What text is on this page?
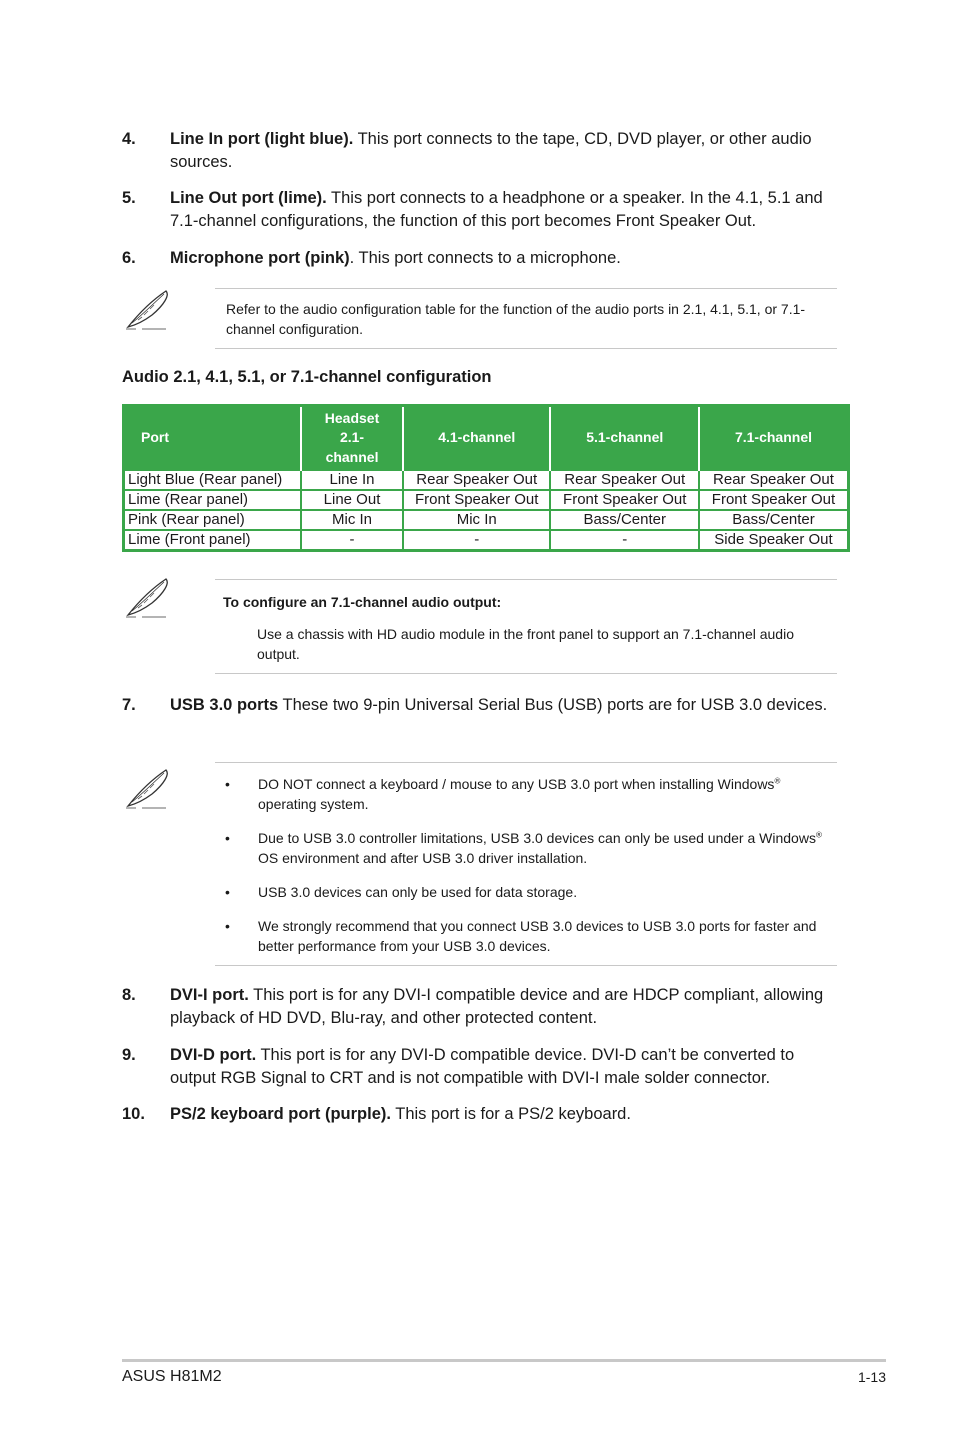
4. Line In port (light blue). This port connects to the tape, CD, DVD player, or other audio sources.
5. Line Out port (lime). This port connects to a headphone or a speaker. In the 4.1, 5.1 and 7.1-channel configurations, the function of this port becomes Front Speaker Out.
6. Microphone port (pink). This port connects to a microphone.
Refer to the audio configuration table for the function of the audio ports in 2.1, 4.1, 5.1, or 7.1-channel configuration.
Audio 2.1, 4.1, 5.1, or 7.1-channel configuration
Port	Headset
2.1-
channel	4.1-channel	5.1-channel	7.1-channel
Light Blue (Rear panel)	Line In	Rear Speaker Out	Rear Speaker Out	Rear Speaker Out
Lime (Rear panel)	Line Out	Front Speaker Out	Front Speaker Out	Front Speaker Out
Pink (Rear panel)	Mic In	Mic In	Bass/Center	Bass/Center
Lime (Front panel)	-	-	-	Side Speaker Out
To configure an 7.1-channel audio output:
Use a chassis with HD audio module in the front panel to support an 7.1-channel audio output.
7. USB 3.0 ports These two 9-pin Universal Serial Bus (USB) ports are for USB 3.0 devices.
• DO NOT connect a keyboard / mouse to any USB 3.0 port when installing Windows® operating system.
• Due to USB 3.0 controller limitations, USB 3.0 devices can only be used under a Windows® OS environment and after USB 3.0 driver installation.
• USB 3.0 devices can only be used for data storage.
• We strongly recommend that you connect USB 3.0 devices to USB 3.0 ports for faster and better performance from your USB 3.0 devices.
8. DVI-I port. This port is for any DVI-I compatible device and are HDCP compliant, allowing playback of HD DVD, Blu-ray, and other protected content.
9. DVI-D port. This port is for any DVI-D compatible device. DVI-D can’t be converted to output RGB Signal to CRT and is not compatible with DVI-I male solder connector.
10. PS/2 keyboard port (purple). This port is for a PS/2 keyboard.
ASUS H81M2	1-13
